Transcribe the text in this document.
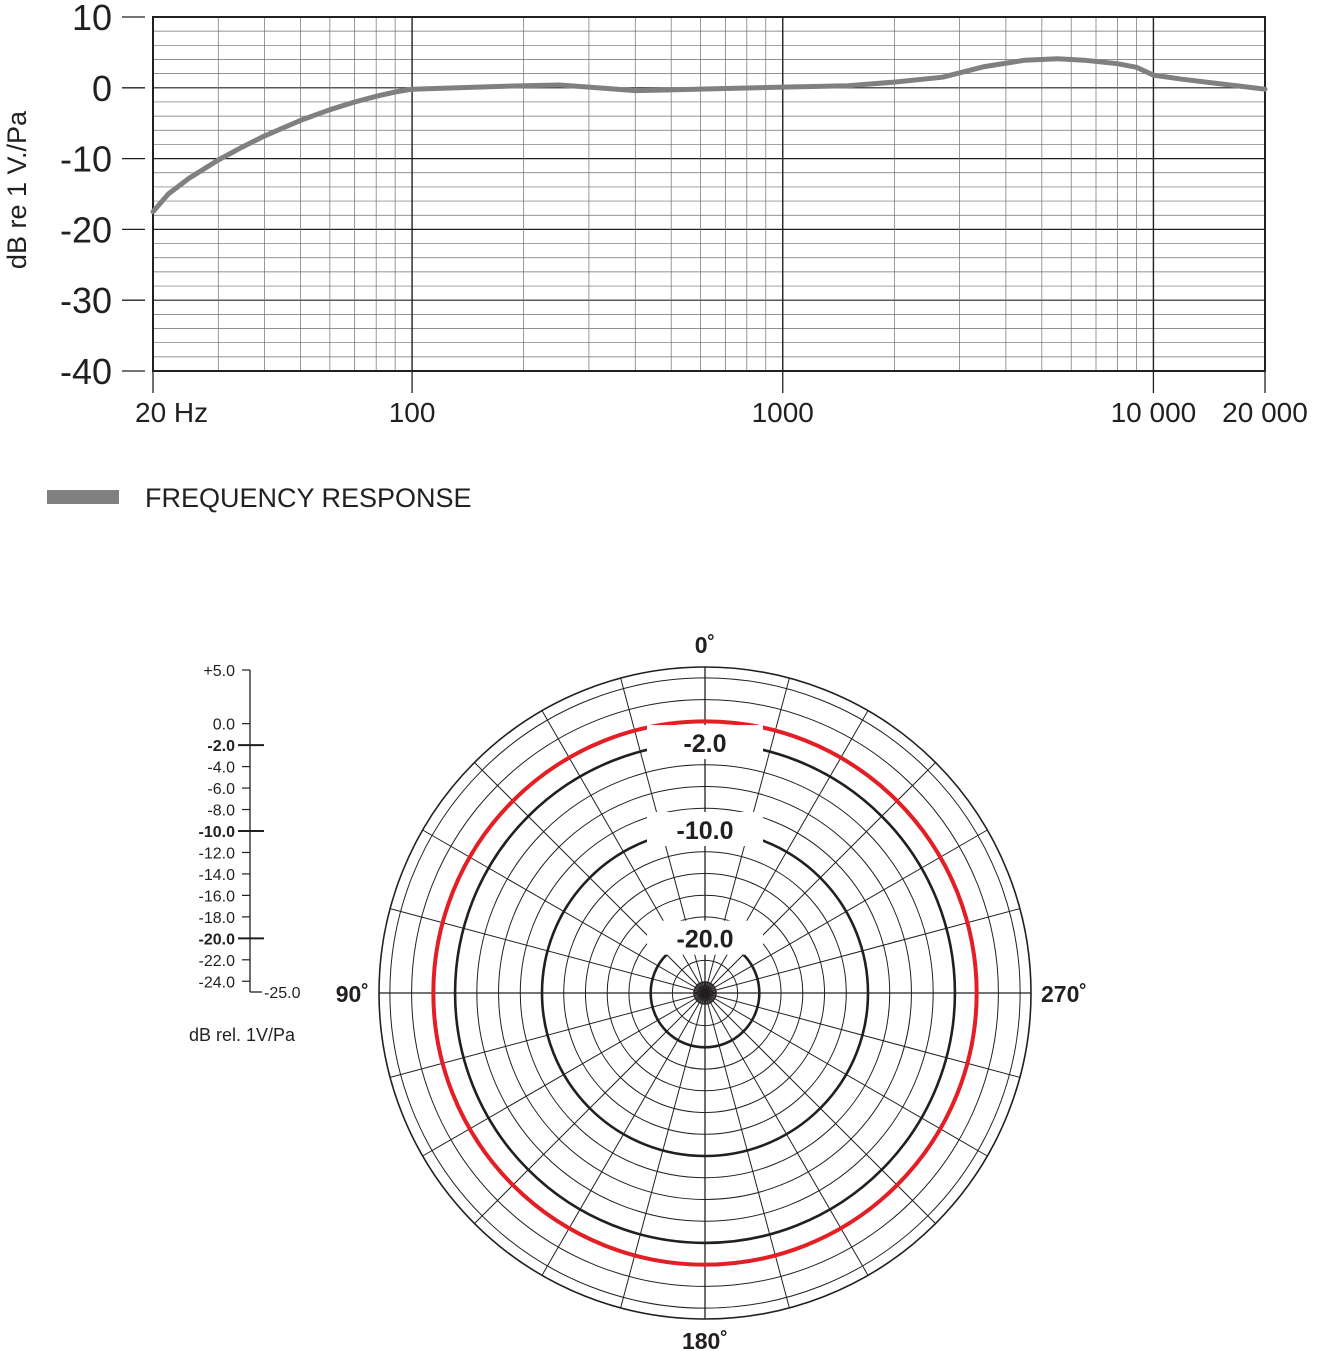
10
0
-10
-20
-30
-40
20 Hz	100	1000	10 000 20 000
dB re 1 V./Pa
FREQUENCY RESPONSE
-2.0
-10.0
-20.0
0˚
90˚
180˚
270˚
+5.0
0.0
-2.0
-4.0
-6.0
-8.0
-10.0
-12.0
-14.0
-16.0
-18.0
-20.0
-22.0
-24.0
-25.0
dB rel. 1V/Pa
